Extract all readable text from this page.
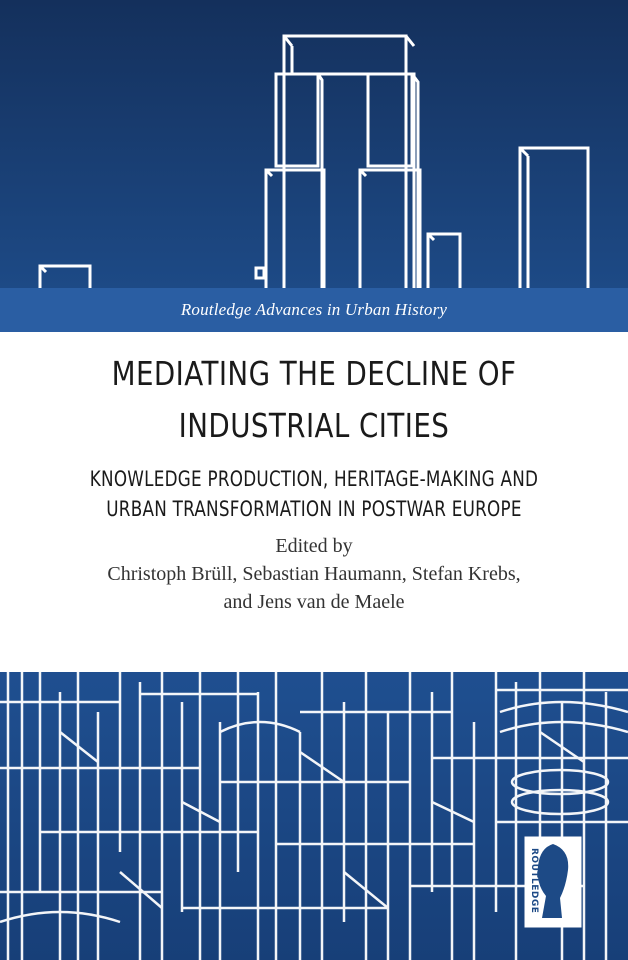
Routledge Advances in Urban History
MEDIATING THE DECLINE OF
INDUSTRIAL CITIES
KNOWLEDGE PRODUCTION, HERITAGE-MAKING AND
URBAN TRANSFORMATION IN POSTWAR EUROPE
Edited by
Christoph Brüll, Sebastian Haumann, Stefan Krebs,
and Jens van de Maele
ROUTLEDGE
